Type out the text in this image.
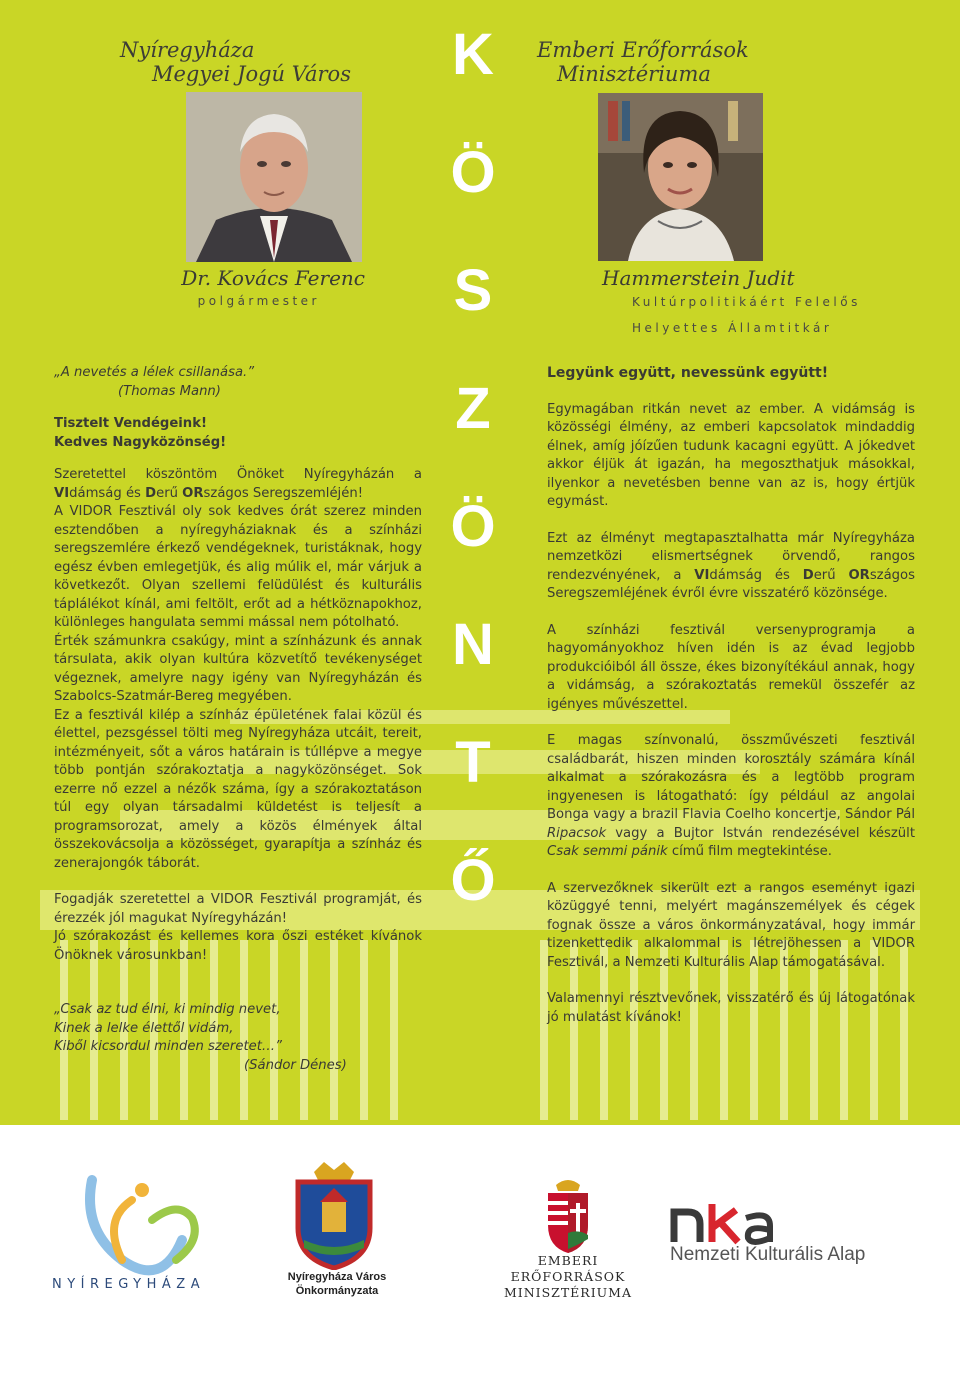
Nyíregyháza
Megyei Jogú Város
Emberi Erőforrások
Minisztériuma
Dr. Kovács Ferenc
polgármester
Hammerstein Judit
Kultúrpolitikáért Felelős
Helyettes Államtitkár
K
Ö
S
Z
Ö
N
T
Ő

„A nevetés a lélek csillanása.”
(Thomas Mann)

Tisztelt Vendégeink!
Kedves Nagyközönség!

Szeretettel köszöntöm Önöket Nyíregyházán a VIdámság és Derű ORszágos Seregszemléjén!

A VIDOR Fesztivál oly sok kedves órát szerez minden esztendőben a nyíregyháziaknak és a színházi seregszemlére érkező vendégeknek, turistáknak, hogy egész évben emlegetjük, és alig múlik el, már várjuk a következőt. Olyan szellemi felüdülést és kulturális táplálékot kínál, ami feltölt, erőt ad a hétköznapokhoz, különleges hangulata semmi mással nem pótolható.

Érték számunkra csakúgy, mint a színházunk és annak társulata, akik olyan kultúra közvetítő tevékenységet végeznek, amelyre nagy igény van Nyíregyházán és Szabolcs-Szatmár-Bereg megyében.

Ez a fesztivál kilép a színház épületének falai közül és élettel, pezsgéssel tölti meg Nyíregyháza utcáit, tereit, intézményeit, sőt a város határain is túllépve a megye több pontján szórakoztatja a nagyközönséget. Sok ezerre nő ezzel a nézők száma, így a szórakoztatáson túl egy olyan társadalmi küldetést is teljesít a programsorozat, amely a közös élmények által összekovácsolja a közösséget, gyarapítja a színház és zenerajongók táborát.

Fogadják szeretettel a VIDOR Fesztivál programját, és érezzék jól magukat Nyíregyházán!

Jó szórakozást és kellemes kora őszi estéket kívánok Önöknek városunkban!

„Csak az tud élni, ki mindig nevet,
Kinek a lelke élettől vidám,
Kiből kicsordul minden szeretet…”
(Sándor Dénes)

Legyünk együtt, nevessünk együtt!

Egymagában ritkán nevet az ember. A vidámság is közösségi élmény, az emberi kapcsolatok mindaddig élnek, amíg jóízűen tudunk kacagni együtt. A jókedvet akkor éljük át igazán, ha megoszthatjuk másokkal, ilyenkor a nevetésben benne van az is, hogy értjük egymást.

Ezt az élményt megtapasztalhatta már Nyíregyháza nemzetközi elismertségnek örvendő, rangos rendezvényének, a VIdámság és Derű ORszágos Seregszemléjének évről évre visszatérő közönsége.

A színházi fesztivál versenyprogramja a hagyományokhoz híven idén is az évad legjobb produkcióiból áll össze, ékes bizonyítékául annak, hogy a vidámság, a szórakoztatás remekül összefér az igényes művészettel.

E magas színvonalú, összművészeti fesztivál családbarát, hiszen minden korosztály számára kínál alkalmat a szórakozásra és a legtöbb program ingyenesen is látogatható: így például az angolai Bonga vagy a brazil Flavia Coelho koncertje, Sándor Pál Ripacsok vagy a Bujtor István rendezésével készült Csak semmi pánik című film megtekintése.

A szervezőknek sikerült ezt a rangos eseményt igazi közüggyé tenni, melyért magánszemélyek és cégek fognak össze a város önkormányzatával, hogy immár tizenkettedik alkalommal is létrejöhessen a VIDOR Fesztivál, a Nemzeti Kulturális Alap támogatásával.

Valamennyi résztvevőnek, visszatérő és új látogatónak jó mulatást kívánok!

NYÍREGYHÁZA	Nyíregyháza Város
Önkormányzata
EMBERI ERŐFORRÁSOK
MINISZTÉRIUMA
nka
Nemzeti Kulturális Alap
